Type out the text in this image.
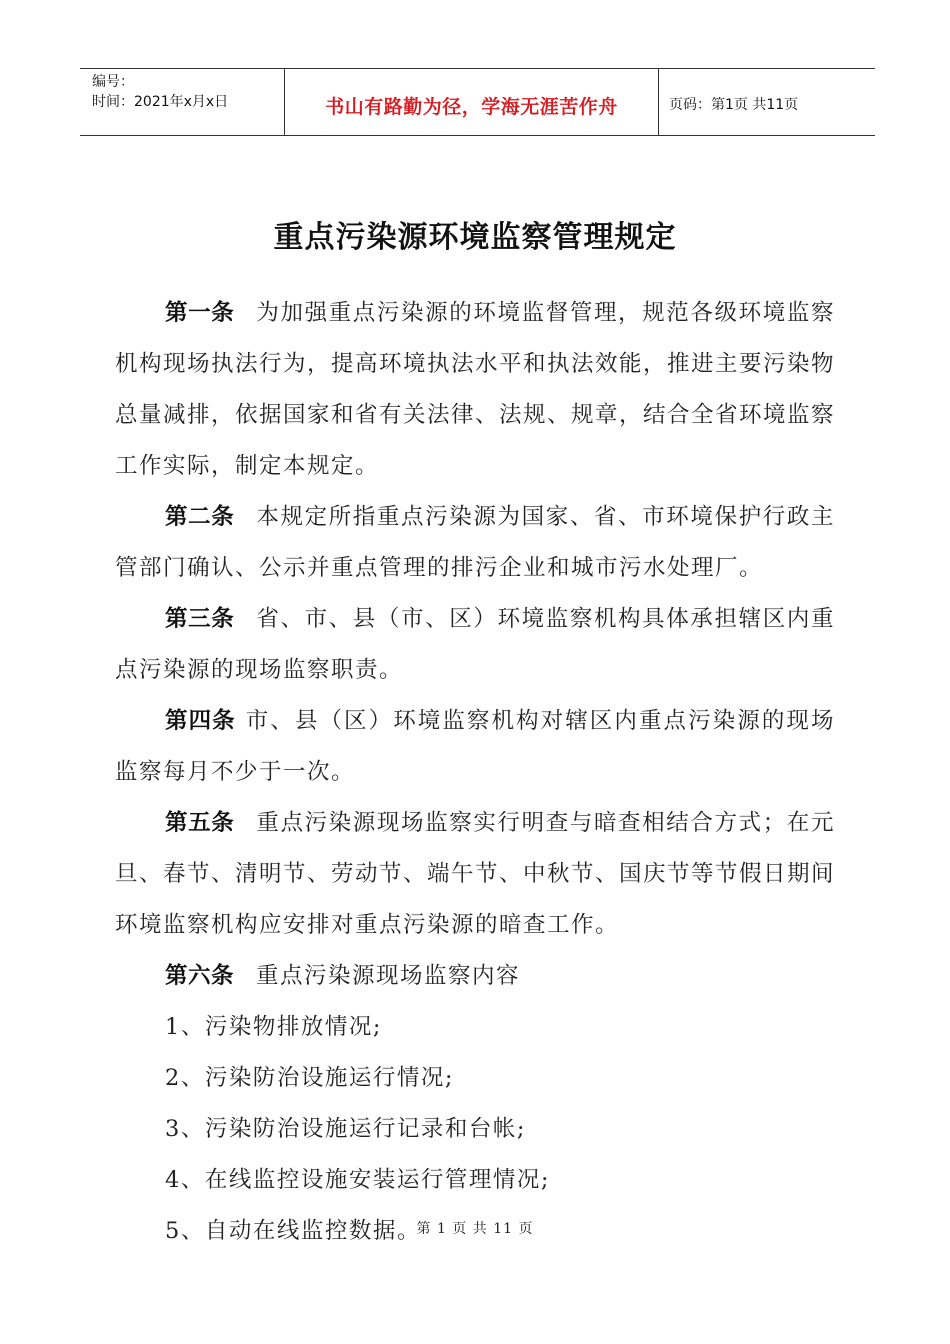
编号：
时间：2021年x月x日	书山有路勤为径，学海无涯苦作舟	页码：第1页 共11页
重点污染源环境监察管理规定

第一条 为加强重点污染源的环境监督管理，规范各级环境监察机构现场执法行为，提高环境执法水平和执法效能，推进主要污染物总量减排，依据国家和省有关法律、法规、规章，结合全省环境监察工作实际，制定本规定。

第二条 本规定所指重点污染源为国家、省、市环境保护行政主管部门确认、公示并重点管理的排污企业和城市污水处理厂。

第三条 省、市、县（市、区）环境监察机构具体承担辖区内重点污染源的现场监察职责。

第四条 市、县（区）环境监察机构对辖区内重点污染源的现场监察每月不少于一次。

第五条 重点污染源现场监察实行明查与暗查相结合方式；在元旦、春节、清明节、劳动节、端午节、中秋节、国庆节等节假日期间环境监察机构应安排对重点污染源的暗查工作。

第六条 重点污染源现场监察内容

1、污染物排放情况;

2、污染防治设施运行情况;

3、污染防治设施运行记录和台帐;

4、在线监控设施安装运行管理情况;

5、自动在线监控数据。

第 1 页 共 11 页
